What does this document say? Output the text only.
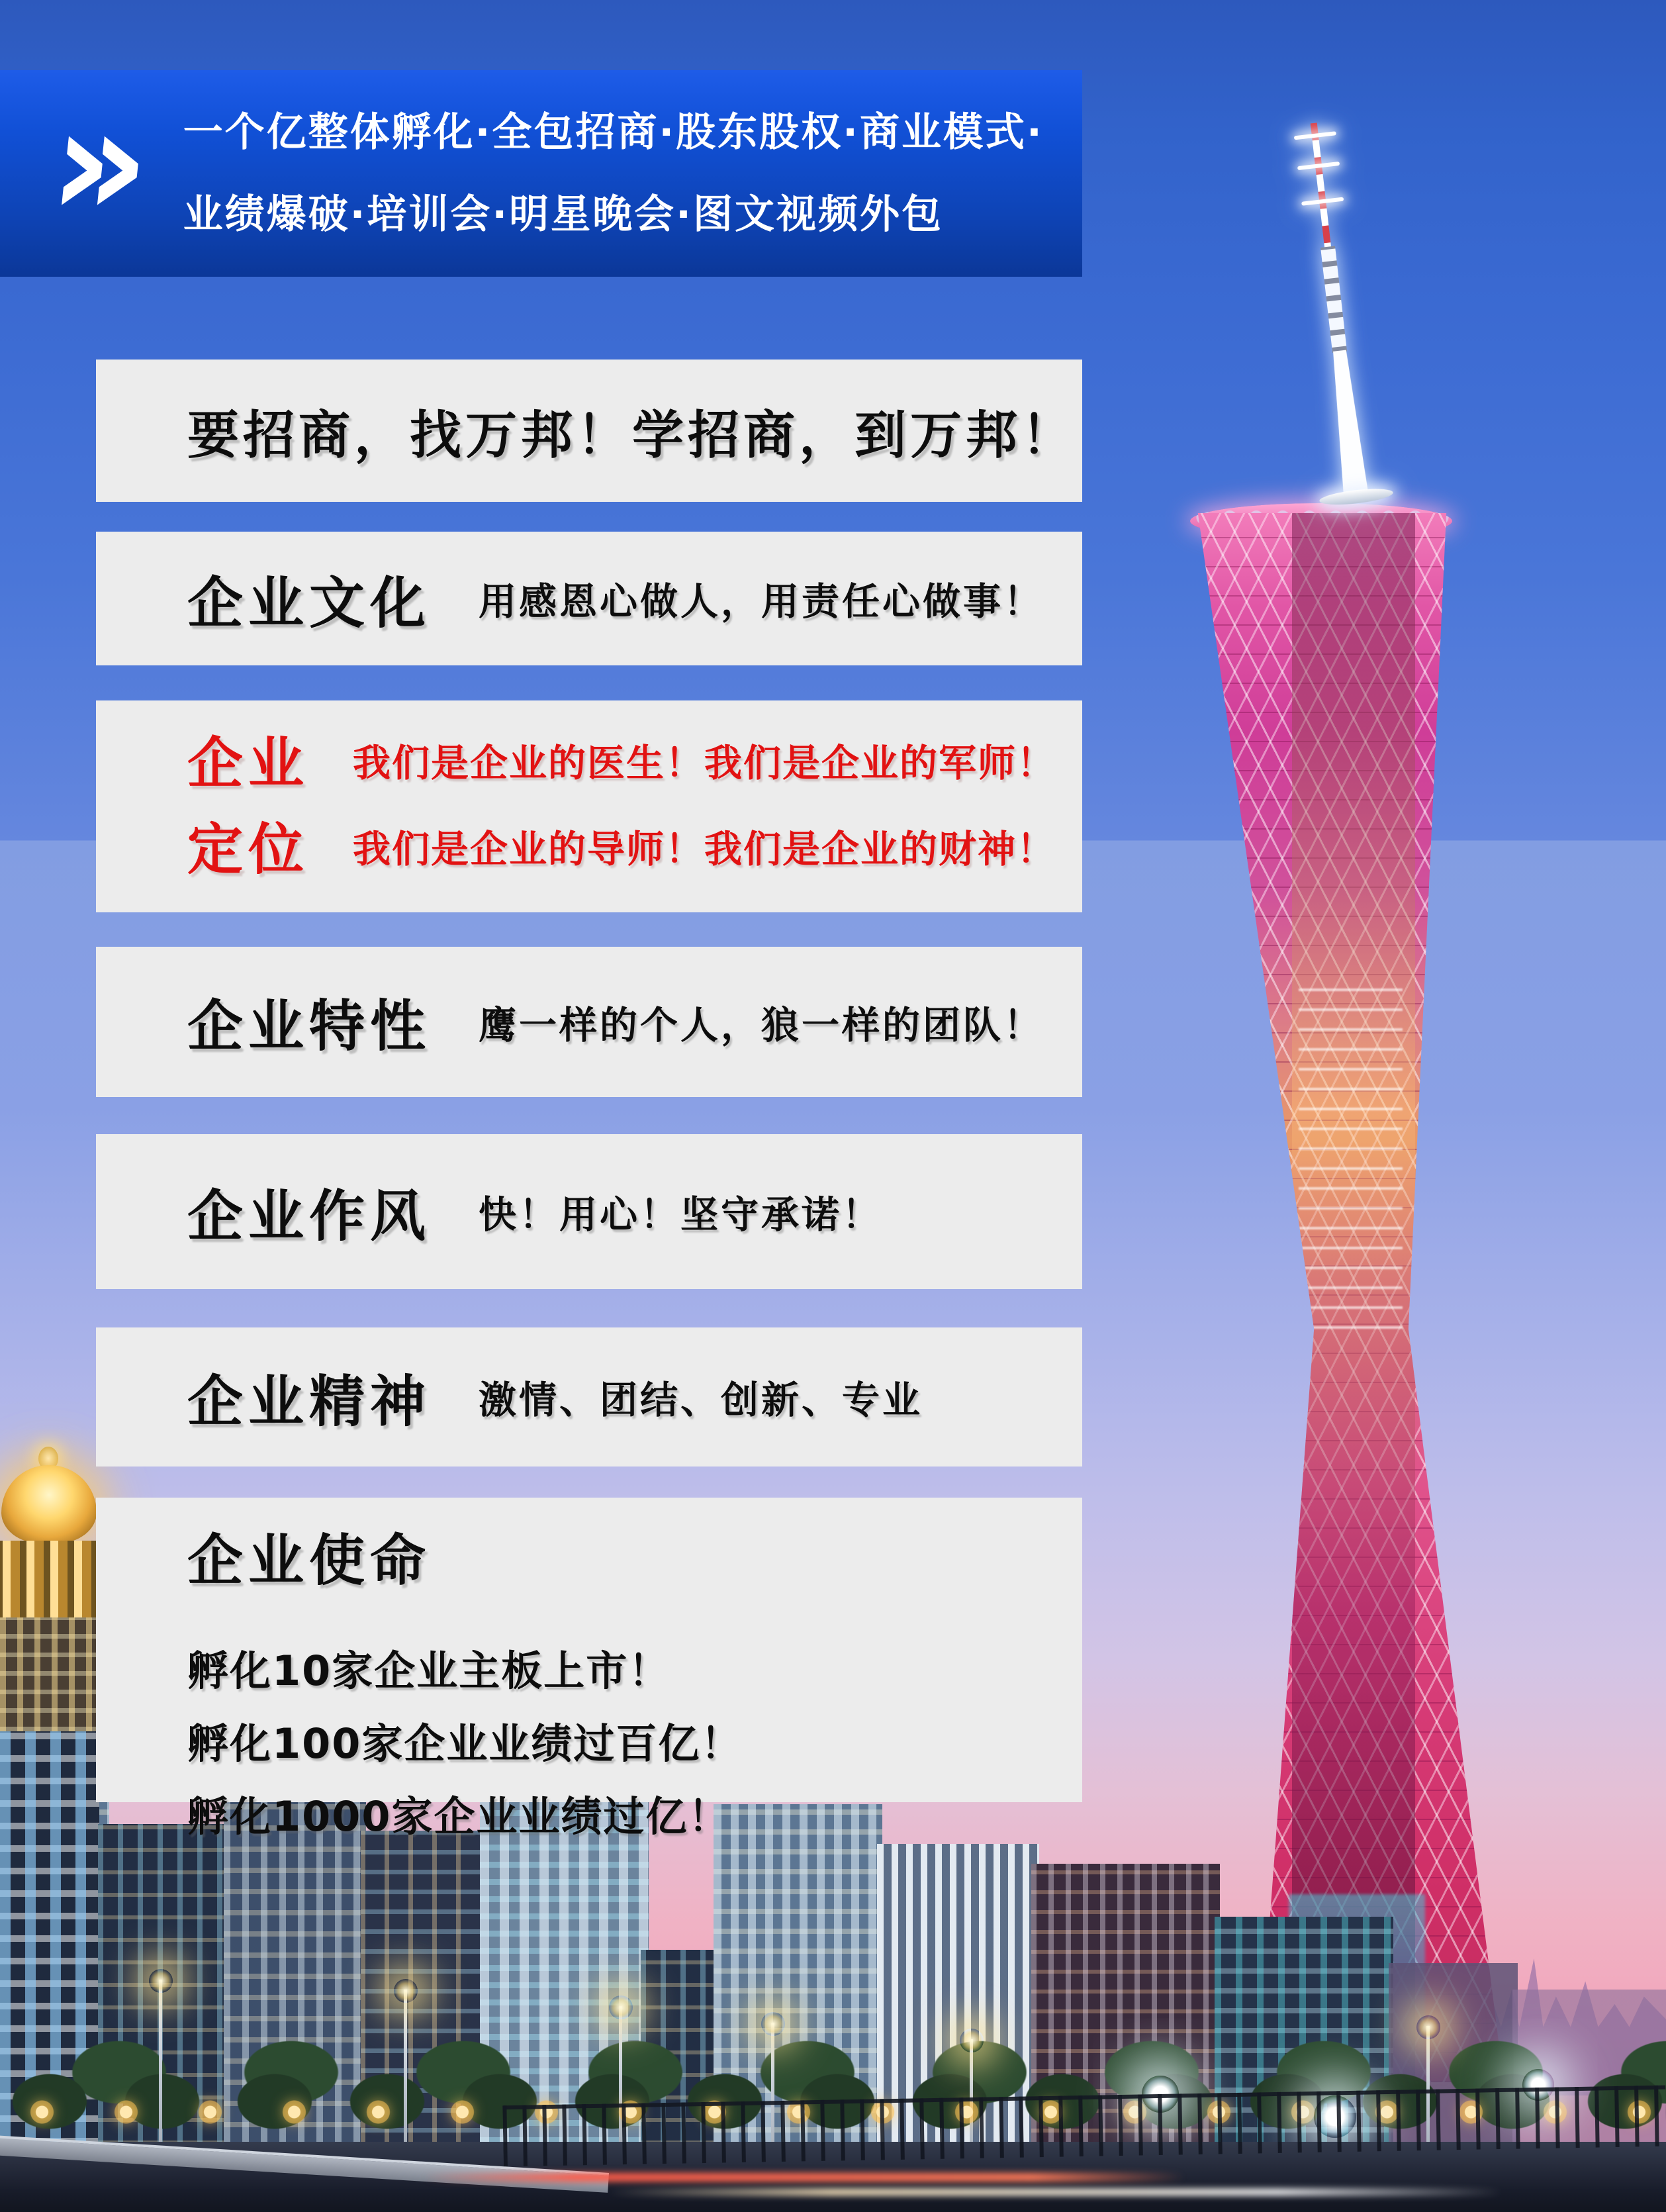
» 一个亿整体孵化·全包招商·股东股权·商业模式·
业绩爆破·培训会·明星晚会·图文视频外包
要招商，找万邦！学招商，到万邦！
企业文化 用感恩心做人，用责任心做事！
企业
定位
我们是企业的医生！我们是企业的军师！
我们是企业的导师！我们是企业的财神！
企业特性 鹰一样的个人，狼一样的团队！
企业作风 快！用心！坚守承诺！
企业精神 激情、团结、创新、专业
企业使命
孵化10家企业主板上市！
孵化100家企业业绩过百亿！
孵化1000家企业业绩过亿！
